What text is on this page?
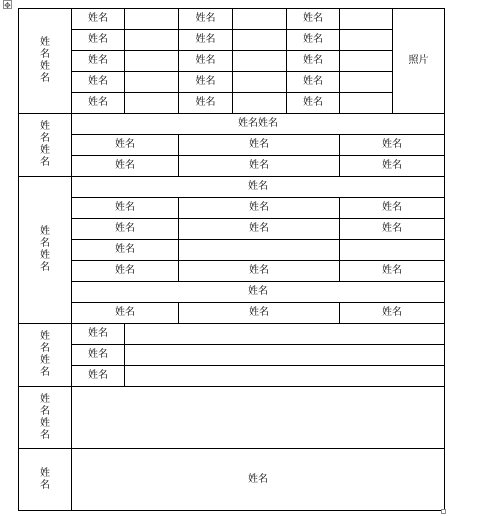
✥
姓名姓名	姓名		姓名		姓名		照片
	姓名		姓名		姓名		
	姓名		姓名		姓名		
	姓名		姓名		姓名		
	姓名		姓名		姓名		
姓名姓名	姓名姓名						
	姓名		姓名			姓名	
	姓名		姓名			姓名	
姓名姓名	姓名						
	姓名		姓名			姓名	
	姓名		姓名			姓名	
	姓名						
	姓名		姓名			姓名	
	姓名						
	姓名		姓名			姓名	
姓名姓名	姓名						
	姓名						
	姓名						
姓名姓名							
姓名	姓名						
